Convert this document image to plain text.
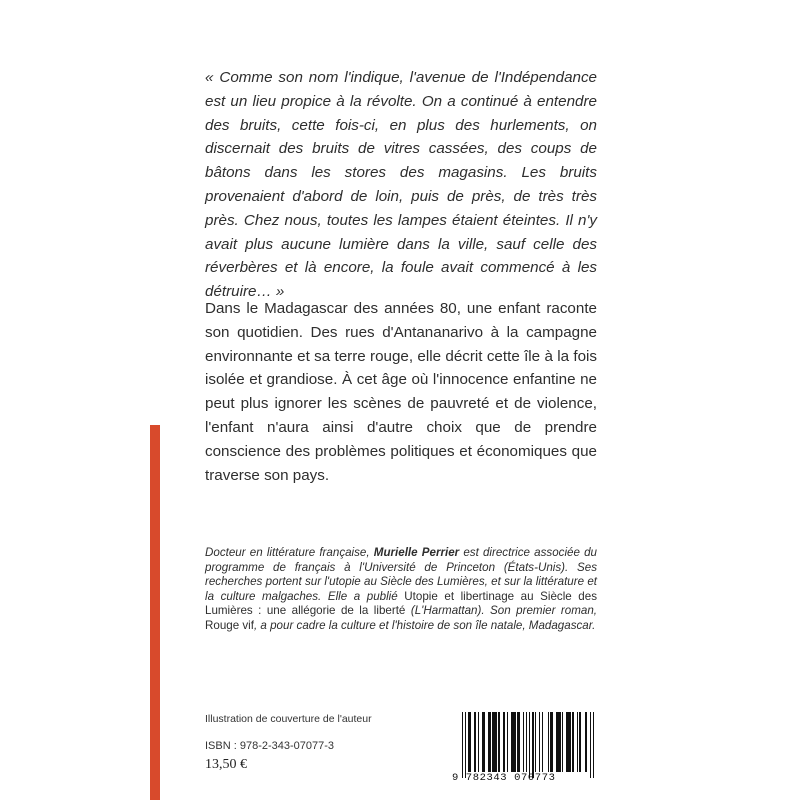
« Comme son nom l'indique, l'avenue de l'Indépendance est un lieu propice à la révolte. On a continué à entendre des bruits, cette fois-ci, en plus des hurlements, on discernait des bruits de vitres cassées, des coups de bâtons dans les stores des magasins. Les bruits provenaient d'abord de loin, puis de près, de très très près. Chez nous, toutes les lampes étaient éteintes. Il n'y avait plus aucune lumière dans la ville, sauf celle des réverbères et là encore, la foule avait commencé à les détruire… »

Dans le Madagascar des années 80, une enfant raconte son quotidien. Des rues d'Antananarivo à la campagne environnante et sa terre rouge, elle décrit cette île à la fois isolée et grandiose. À cet âge où l'innocence enfantine ne peut plus ignorer les scènes de pauvreté et de violence, l'enfant n'aura ainsi d'autre choix que de prendre conscience des problèmes politiques et économiques que traverse son pays.

Docteur en littérature française, Murielle Perrier est directrice associée du programme de français à l'Université de Princeton (États-Unis). Ses recherches portent sur l'utopie au Siècle des Lumières, et sur la littérature et la culture malgaches. Elle a publié Utopie et libertinage au Siècle des Lumières : une allégorie de la liberté (L'Harmattan). Son premier roman, Rouge vif, a pour cadre la culture et l'histoire de son île natale, Madagascar.

Illustration de couverture de l'auteur
ISBN : 978-2-343-07077-3
13,50 €
9 782343 070773
